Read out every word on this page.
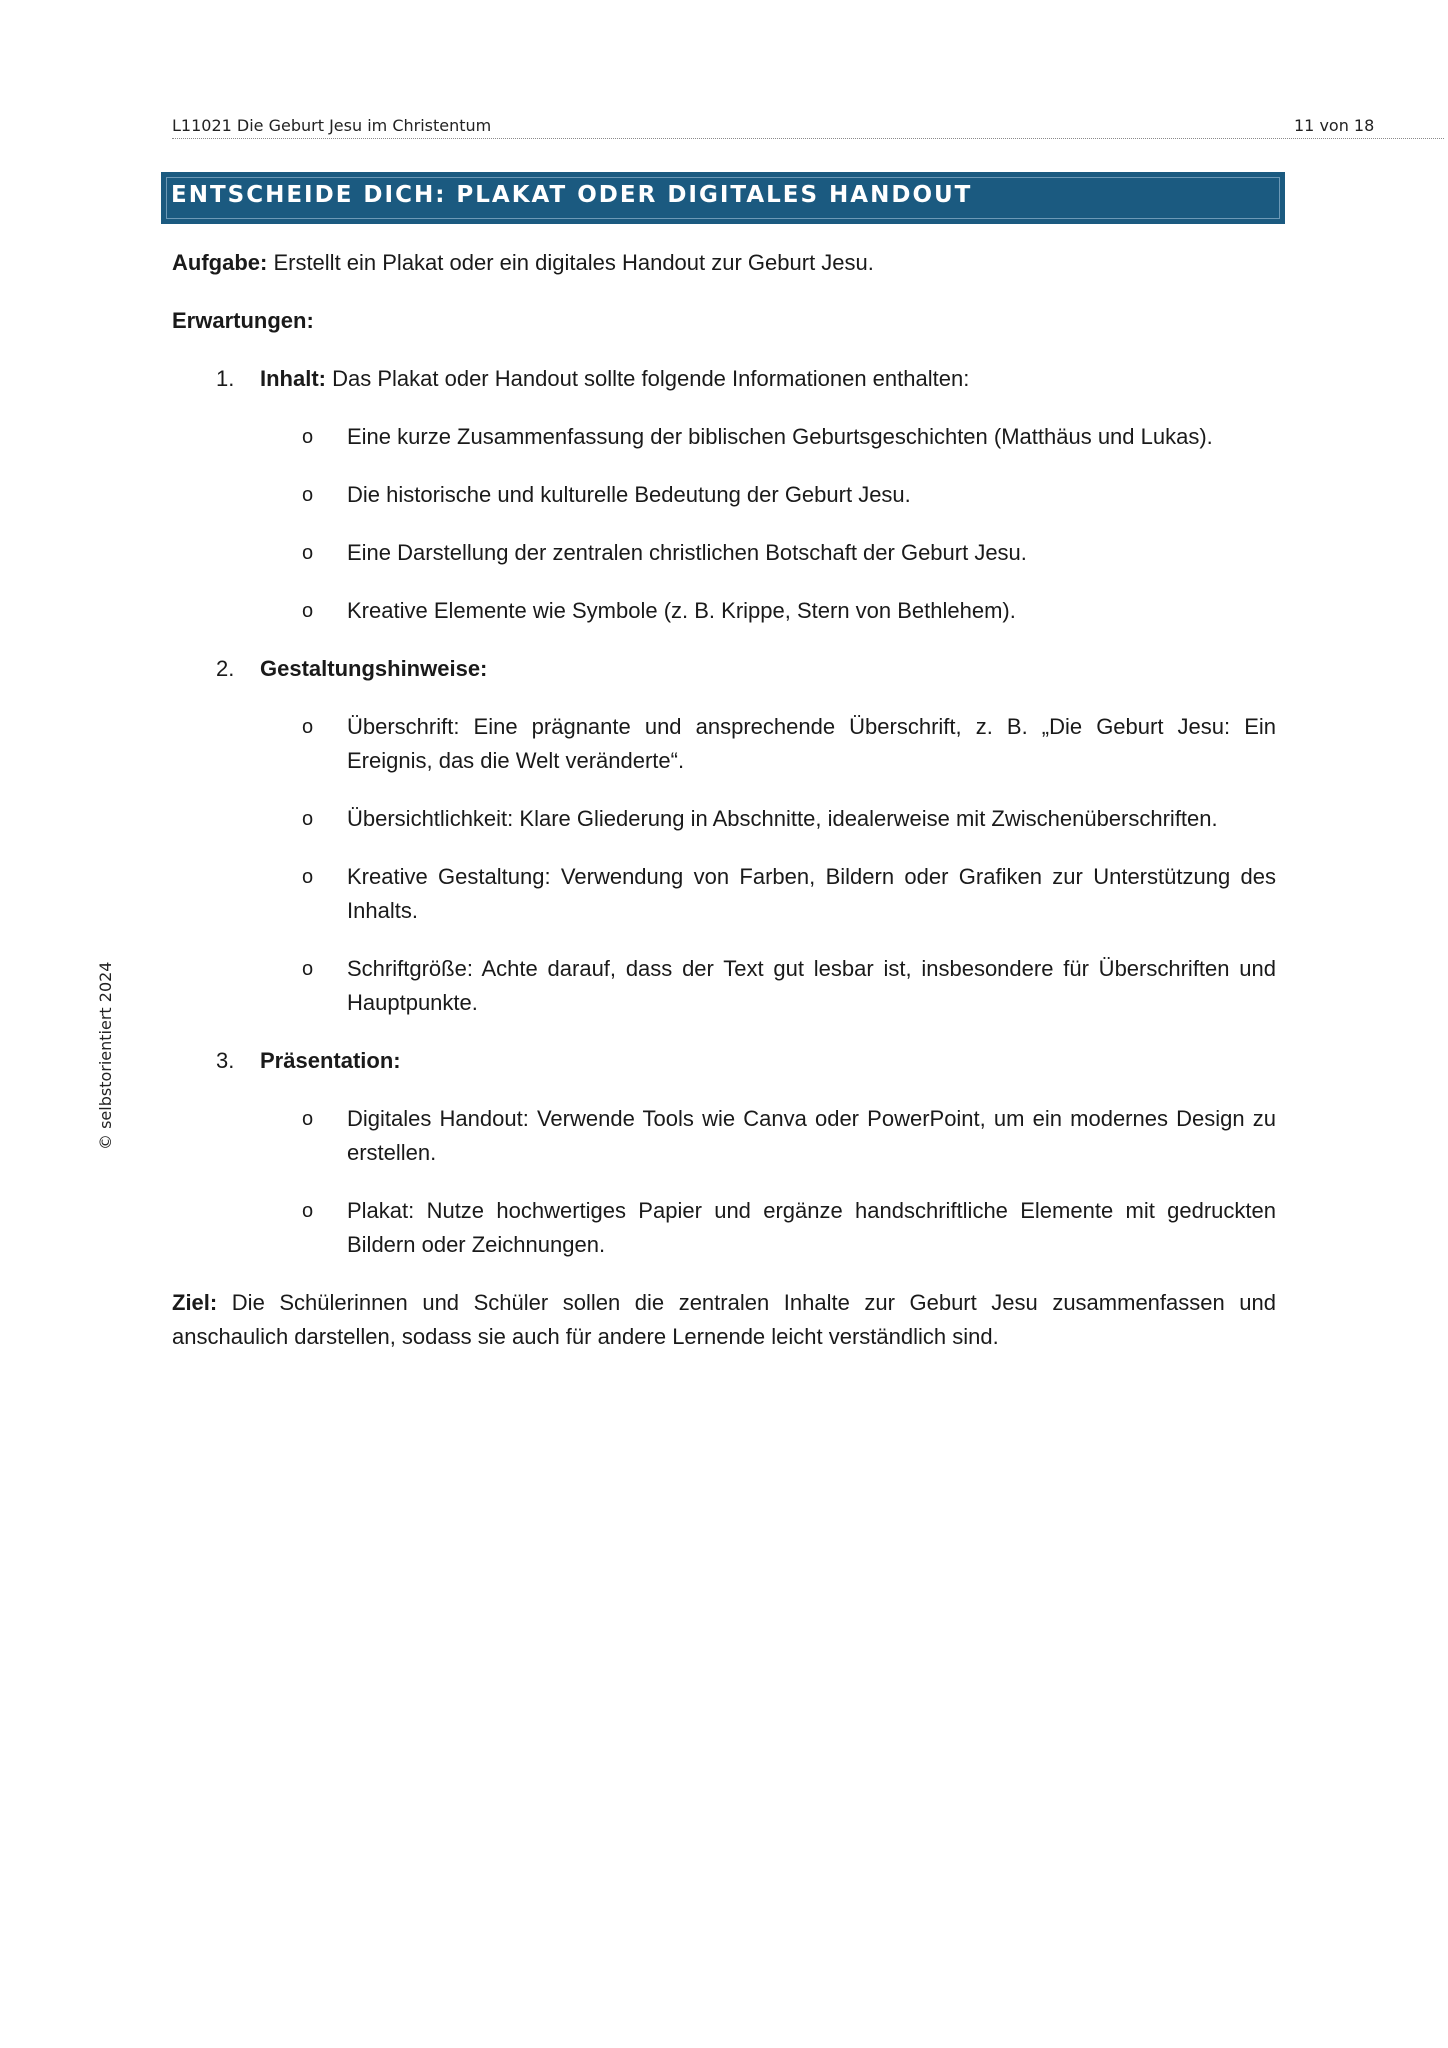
L11021 Die Geburt Jesu im Christentum	11 von 18
ENTSCHEIDE DICH: PLAKAT ODER DIGITALES HANDOUT

Aufgabe: Erstellt ein Plakat oder ein digitales Handout zur Geburt Jesu.

Erwartungen:

1. Inhalt: Das Plakat oder Handout sollte folgende Informationen enthalten:
o Eine kurze Zusammenfassung der biblischen Geburtsgeschichten (Matthäus und Lukas).
o Die historische und kulturelle Bedeutung der Geburt Jesu.
o Eine Darstellung der zentralen christlichen Botschaft der Geburt Jesu.
o Kreative Elemente wie Symbole (z. B. Krippe, Stern von Bethlehem).
2. Gestaltungshinweise:
o Überschrift: Eine prägnante und ansprechende Überschrift, z. B. „Die Geburt Jesu: Ein Ereignis, das die Welt veränderte“.
o Übersichtlichkeit: Klare Gliederung in Abschnitte, idealerweise mit Zwischenüberschriften.
o Kreative Gestaltung: Verwendung von Farben, Bildern oder Grafiken zur Unterstützung des Inhalts.
o Schriftgröße: Achte darauf, dass der Text gut lesbar ist, insbesondere für Überschriften und Hauptpunkte.
3. Präsentation:
o Digitales Handout: Verwende Tools wie Canva oder PowerPoint, um ein modernes Design zu erstellen.
o Plakat: Nutze hochwertiges Papier und ergänze handschriftliche Elemente mit gedruckten Bildern oder Zeichnungen.

Ziel: Die Schülerinnen und Schüler sollen die zentralen Inhalte zur Geburt Jesu zusammenfassen und anschaulich darstellen, sodass sie auch für andere Lernende leicht verständlich sind.

© selbstorientiert 2024
